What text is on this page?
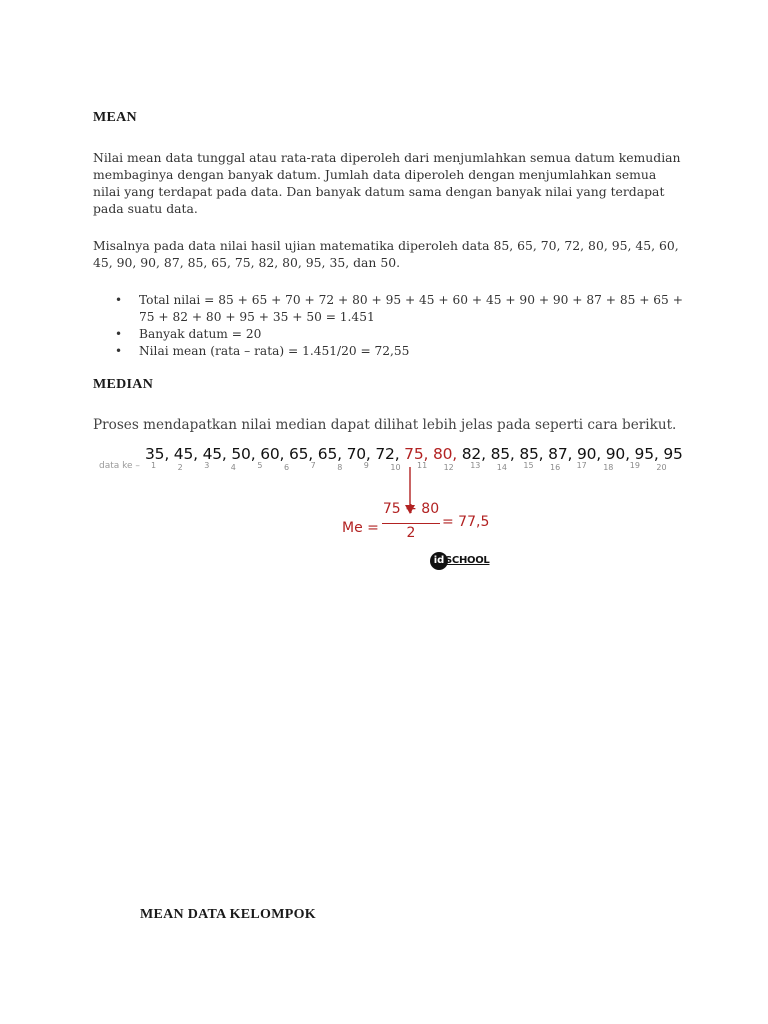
MEAN
Nilai mean data tunggal atau rata-rata diperoleh dari menjumlahkan semua datum kemudian
membaginya dengan banyak datum. Jumlah data diperoleh dengan menjumlahkan semua
nilai yang terdapat pada data. Dan banyak datum sama dengan banyak nilai yang terdapat
pada suatu data.
Misalnya pada data nilai hasil ujian matematika diperoleh data 85, 65, 70, 72, 80, 95, 45, 60,
45, 90, 90, 87, 85, 65, 75, 82, 80, 95, 35, dan 50.
• Total nilai = 85 + 65 + 70 + 72 + 80 + 95 + 45 + 60 + 45 + 90 + 90 + 87 + 85 + 65 +
75 + 82 + 80 + 95 + 35 + 50 = 1.451
• Banyak datum = 20
• Nilai mean (rata – rata) = 1.451/20 = 72,55
MEDIAN
Proses mendapatkan nilai median dapat dilihat lebih jelas pada seperti cara berikut.
35, 45, 45, 50, 60, 65, 65, 70, 72, 75, 80, 82, 85, 85, 87, 90, 90, 95, 95
data ke – 1	2	3	4	5	6	7	8	9	10 11 12 13 14 15 16 17 18 19 20
Me =
75 + 80
2
= 77,5
id SCHOOL
MEAN DATA KELOMPOK
